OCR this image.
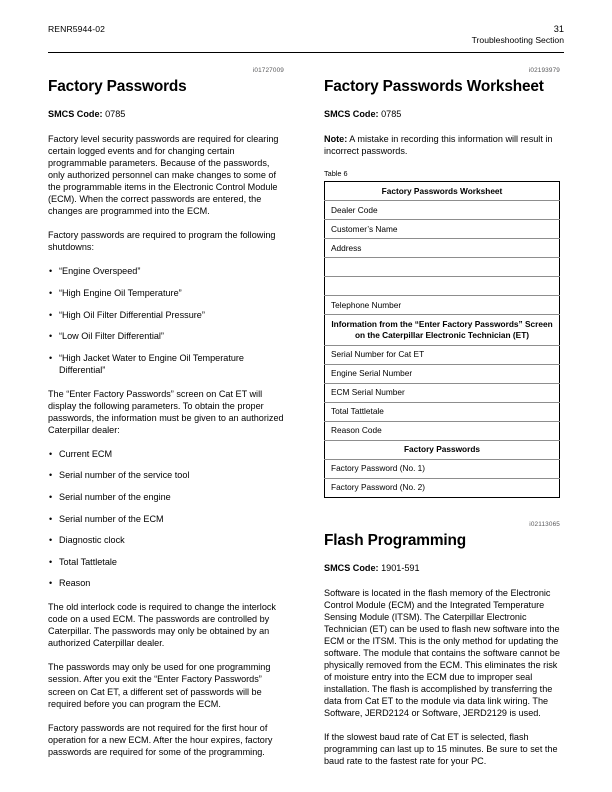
RENR5944-02	31
Troubleshooting Section
i01727009
Factory Passwords
SMCS Code: 0785

Factory level security passwords are required for clearing certain logged events and for changing certain programmable parameters. Because of the passwords, only authorized personnel can make changes to some of the programmable items in the Electronic Control Module (ECM). When the correct passwords are entered, the changes are programmed into the ECM.

Factory passwords are required to program the following shutdowns:

• “Engine Overspeed”
• “High Engine Oil Temperature”
• “High Oil Filter Differential Pressure”
• “Low Oil Filter Differential”
• “High Jacket Water to Engine Oil Temperature Differential”

The “Enter Factory Passwords” screen on Cat ET will display the following parameters. To obtain the proper passwords, the information must be given to an authorized Caterpillar dealer:

• Current ECM
• Serial number of the service tool
• Serial number of the engine
• Serial number of the ECM
• Diagnostic clock
• Total Tattletale
• Reason

The old interlock code is required to change the interlock code on a used ECM. The passwords are controlled by Caterpillar. The passwords may only be obtained by an authorized Caterpillar dealer.

The passwords may only be used for one programming session. After you exit the “Enter Factory Passwords” screen on Cat ET, a different set of passwords will be required before you can program the ECM.

Factory passwords are not required for the first hour of operation for a new ECM. After the hour expires, factory passwords are required for some of the programming.

i02193979
Factory Passwords Worksheet
SMCS Code: 0785

Note: A mistake in recording this information will result in incorrect passwords.

Table 6
Factory Passwords Worksheet
Dealer Code
Customer’s Name
Address

Telephone Number
Information from the “Enter Factory Passwords” Screen on the Caterpillar Electronic Technician (ET)
Serial Number for Cat ET
Engine Serial Number
ECM Serial Number
Total Tattletale
Reason Code
Factory Passwords
Factory Password (No. 1)
Factory Password (No. 2)
i02113065
Flash Programming
SMCS Code: 1901-591

Software is located in the flash memory of the Electronic Control Module (ECM) and the Integrated Temperature Sensing Module (ITSM). The Caterpillar Electronic Technician (ET) can be used to flash new software into the ECM or the ITSM. This is the only method for updating the software. The module that contains the software cannot be physically removed from the ECM. This eliminates the risk of moisture entry into the ECM due to improper seal installation. The flash is accomplished by transferring the data from Cat ET to the module via data link wiring. The Software, JERD2124 or Software, JERD2129 is used.

If the slowest baud rate of Cat ET is selected, flash programming can last up to 15 minutes. Be sure to set the baud rate to the fastest rate for your PC.
